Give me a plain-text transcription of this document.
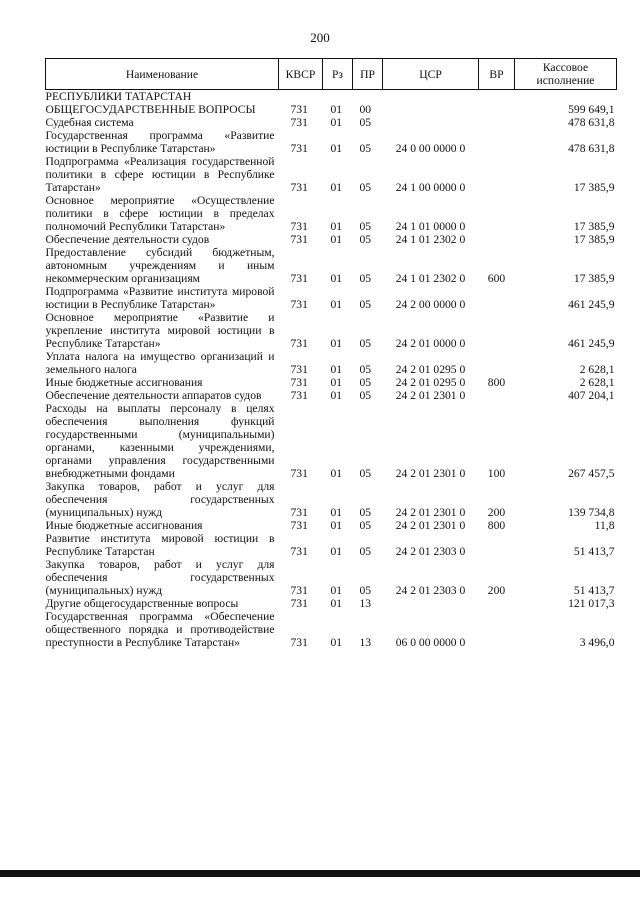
200
Наименование	КВСР	Рз	ПР	ЦСР	ВР	Кассовое исполнение
РЕСПУБЛИКИ ТАТАРСТАН						
ОБЩЕГОСУДАРСТВЕННЫЕ ВОПРОСЫ	731	01	00			599 649,1
Судебная система	731	01	05			478 631,8
Государственная программа «Развитие юстиции в Республике Татарстан»	731	01	05	24 0 00 0000 0		478 631,8
Подпрограмма «Реализация государственной политики в сфере юстиции в Республике Татарстан»	731	01	05	24 1 00 0000 0		17 385,9
Основное мероприятие «Осуществление политики в сфере юстиции в пределах полномочий Республики Татарстан»	731	01	05	24 1 01 0000 0		17 385,9
Обеспечение деятельности судов	731	01	05	24 1 01 2302 0		17 385,9
Предоставление субсидий бюджетным, автономным учреждениям и иным некоммерческим организациям	731	01	05	24 1 01 2302 0	600	17 385,9
Подпрограмма «Развитие института мировой юстиции в Республике Татарстан»	731	01	05	24 2 00 0000 0		461 245,9
Основное мероприятие «Развитие и укрепление института мировой юстиции в Республике Татарстан»	731	01	05	24 2 01 0000 0		461 245,9
Уплата налога на имущество организаций и земельного налога	731	01	05	24 2 01 0295 0		2 628,1
Иные бюджетные ассигнования	731	01	05	24 2 01 0295 0	800	2 628,1
Обеспечение деятельности аппаратов судов	731	01	05	24 2 01 2301 0		407 204,1
Расходы на выплаты персоналу в целях обеспечения выполнения функций государственными (муниципальными) органами, казенными учреждениями, органами управления государственными внебюджетными фондами	731	01	05	24 2 01 2301 0	100	267 457,5
Закупка товаров, работ и услуг для обеспечения государственных (муниципальных) нужд	731	01	05	24 2 01 2301 0	200	139 734,8
Иные бюджетные ассигнования	731	01	05	24 2 01 2301 0	800	11,8
Развитие института мировой юстиции в Республике Татарстан	731	01	05	24 2 01 2303 0		51 413,7
Закупка товаров, работ и услуг для обеспечения государственных (муниципальных) нужд	731	01	05	24 2 01 2303 0	200	51 413,7
Другие общегосударственные вопросы	731	01	13			121 017,3
Государственная программа «Обеспечение общественного порядка и противодействие преступности в Республике Татарстан»	731	01	13	06 0 00 0000 0		3 496,0
